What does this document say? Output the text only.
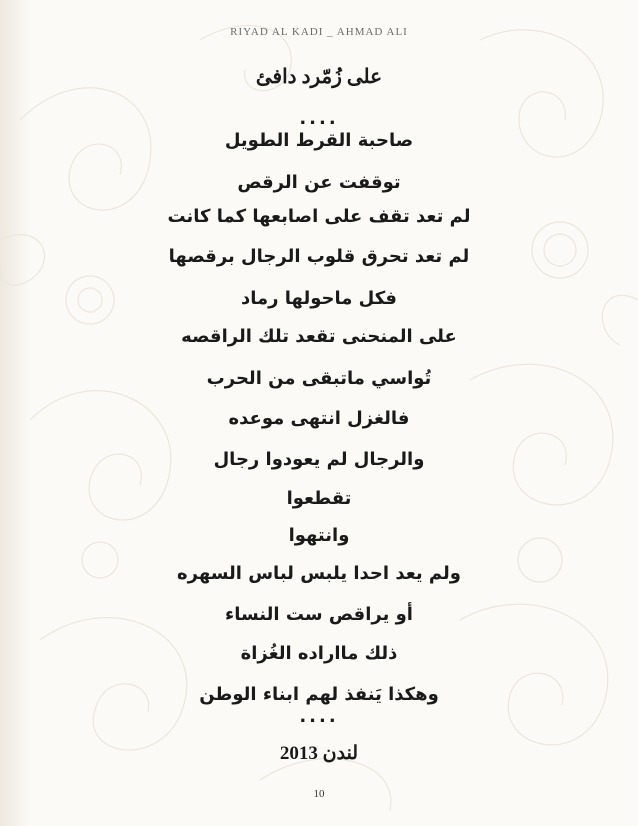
RIYAD AL KADI _ AHMAD ALI
على زُمّرد دافئ
....
صاحبة القرط الطويل
توقفت عن الرقص
لم تعد تقف على اصابعها كما كانت
لم تعد تحرق قلوب الرجال برقصها
فكل ماحولها رماد
على المنحنى تقعد تلك الراقصه
تُواسي ماتبقى من الحرب
فالغزل انتهى موعده
والرجال لم يعودوا رجال
تقطعوا
وانتهوا
ولم يعد احدا يلبس لباس السهره
أو يراقص ست النساء
ذلك مااراده الغُزاة
وهكذا يَنفذ لهم ابناء الوطن
....
لندن 2013
10
